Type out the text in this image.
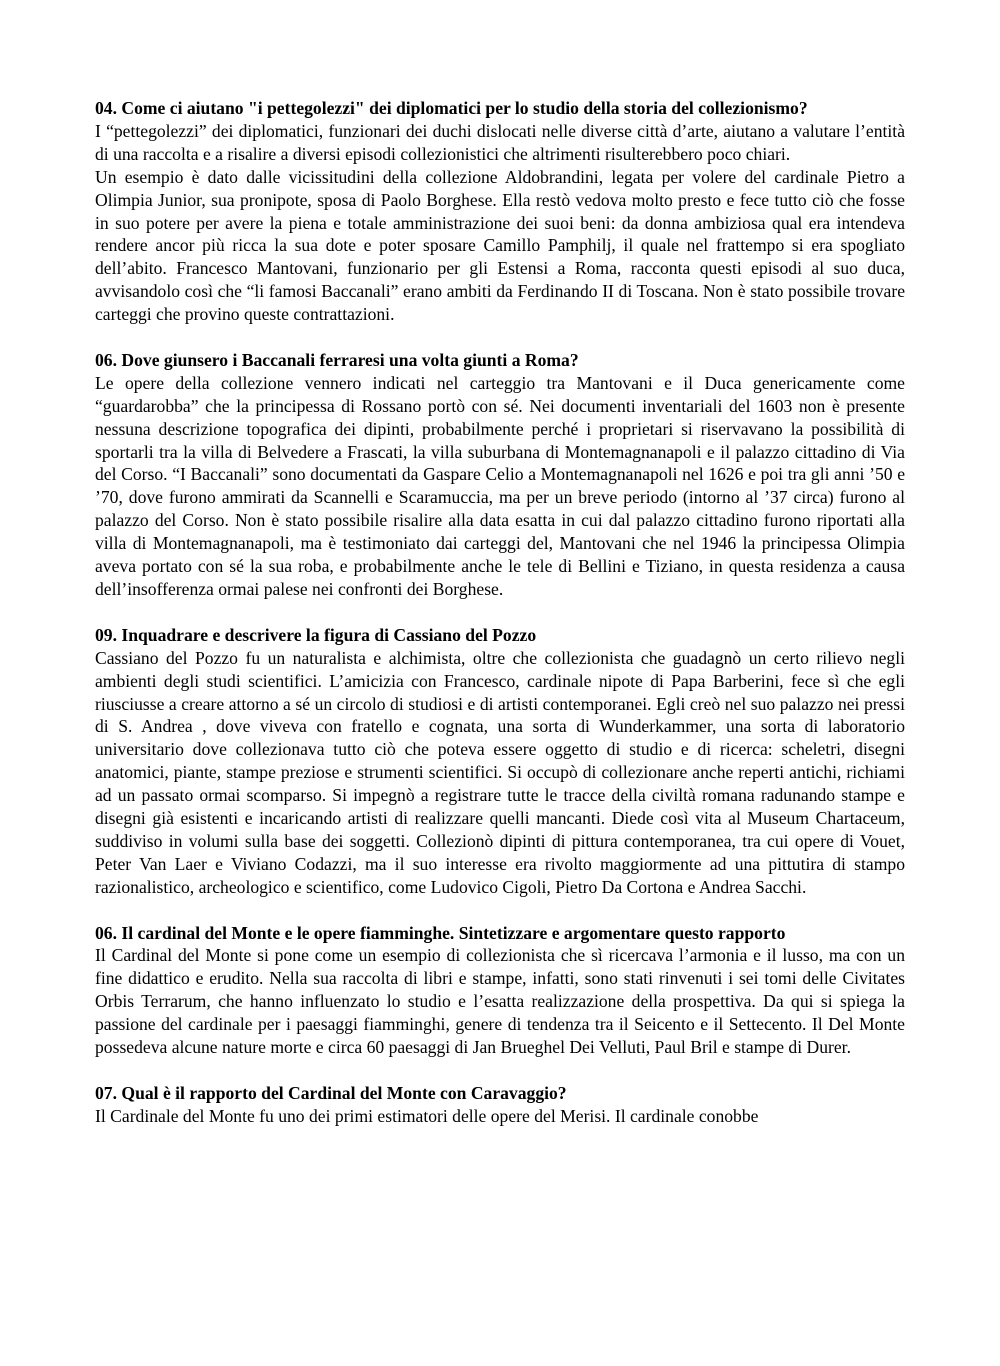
04. Come ci aiutano "i pettegolezzi" dei diplomatici per lo studio della storia del collezionismo?

I “pettegolezzi” dei diplomatici, funzionari dei duchi dislocati nelle diverse città d’arte, aiutano a valutare l’entità di una raccolta e a risalire a diversi episodi collezionistici che altrimenti risulterebbero poco chiari.

Un esempio è dato dalle vicissitudini della collezione Aldobrandini, legata per volere del cardinale Pietro a Olimpia Junior, sua pronipote, sposa di Paolo Borghese. Ella restò vedova molto presto e fece tutto ciò che fosse in suo potere per avere la piena e totale amministrazione dei suoi beni: da donna ambiziosa qual era intendeva rendere ancor più ricca la sua dote e poter sposare Camillo Pamphilj, il quale nel frattempo si era spogliato dell’abito. Francesco Mantovani, funzionario per gli Estensi a Roma, racconta questi episodi al suo duca, avvisandolo così che “li famosi Baccanali” erano ambiti da Ferdinando II di Toscana. Non è stato possibile trovare carteggi che provino queste contrattazioni.

06. Dove giunsero i Baccanali ferraresi una volta giunti a Roma?

Le opere della collezione vennero indicati nel carteggio tra Mantovani e il Duca genericamente come “guardarobba” che la principessa di Rossano portò con sé. Nei documenti inventariali del 1603 non è presente nessuna descrizione topografica dei dipinti, probabilmente perché i proprietari si riservavano la possibilità di sportarli tra la villa di Belvedere a Frascati, la villa suburbana di Montemagnanapoli e il palazzo cittadino di Via del Corso. “I Baccanali” sono documentati da Gaspare Celio a Montemagnanapoli nel 1626 e poi tra gli anni ’50 e ’70, dove furono ammirati da Scannelli e Scaramuccia, ma per un breve periodo (intorno al ’37 circa) furono al palazzo del Corso. Non è stato possibile risalire alla data esatta in cui dal palazzo cittadino furono riportati alla villa di Montemagnanapoli, ma è testimoniato dai carteggi del, Mantovani che nel 1946 la principessa Olimpia aveva portato con sé la sua roba, e probabilmente anche le tele di Bellini e Tiziano, in questa residenza a causa dell’insofferenza ormai palese nei confronti dei Borghese.

09. Inquadrare e descrivere la figura di Cassiano del Pozzo

Cassiano del Pozzo fu un naturalista e alchimista, oltre che collezionista che guadagnò un certo rilievo negli ambienti degli studi scientifici. L’amicizia con Francesco, cardinale nipote di Papa Barberini, fece sì che egli riusciusse a creare attorno a sé un circolo di studiosi e di artisti contemporanei. Egli creò nel suo palazzo nei pressi di S. Andrea , dove viveva con fratello e cognata, una sorta di Wunderkammer, una sorta di laboratorio universitario dove collezionava tutto ciò che poteva essere oggetto di studio e di ricerca: scheletri, disegni anatomici, piante, stampe preziose e strumenti scientifici. Si occupò di collezionare anche reperti antichi, richiami ad un passato ormai scomparso. Si impegnò a registrare tutte le tracce della civiltà romana radunando stampe e disegni già esistenti e incaricando artisti di realizzare quelli mancanti. Diede così vita al Museum Chartaceum, suddiviso in volumi sulla base dei soggetti. Collezionò dipinti di pittura contemporanea, tra cui opere di Vouet, Peter Van Laer e Viviano Codazzi, ma il suo interesse era rivolto maggiormente ad una pittutira di stampo razionalistico, archeologico e scientifico, come Ludovico Cigoli, Pietro Da Cortona e Andrea Sacchi.

06. Il cardinal del Monte e le opere fiamminghe. Sintetizzare e argomentare questo rapporto

Il Cardinal del Monte si pone come un esempio di collezionista che sì ricercava l’armonia e il lusso, ma con un fine didattico e erudito. Nella sua raccolta di libri e stampe, infatti, sono stati rinvenuti i sei tomi delle Civitates Orbis Terrarum, che hanno influenzato lo studio e l’esatta realizzazione della prospettiva. Da qui si spiega la passione del cardinale per i paesaggi fiamminghi, genere di tendenza tra il Seicento e il Settecento. Il Del Monte possedeva alcune nature morte e circa 60 paesaggi di Jan Brueghel Dei Velluti, Paul Bril e stampe di Durer.

07. Qual è il rapporto del Cardinal del Monte con Caravaggio?

Il Cardinale del Monte fu uno dei primi estimatori delle opere del Merisi. Il cardinale conobbe
